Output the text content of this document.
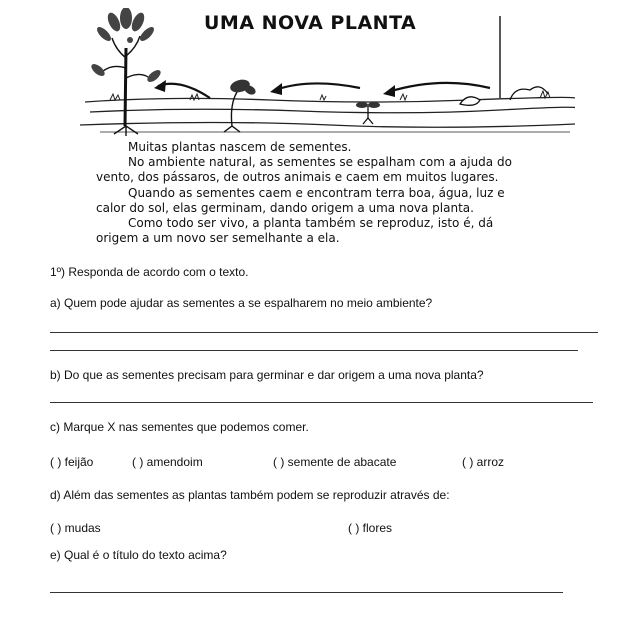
UMA NOVA PLANTA
Muitas plantas nascem de sementes.
No ambiente natural, as sementes se espalham com a ajuda do
vento, dos pássaros, de outros animais e caem em muitos lugares.
Quando as sementes caem e encontram terra boa, água, luz e
calor do sol, elas germinam, dando origem a uma nova planta.
Como todo ser vivo, a planta também se reproduz, isto é, dá
origem a um novo ser semelhante a ela.
1º) Responda de acordo com o texto.
a) Quem pode ajudar as sementes a se espalharem no meio ambiente?
b) Do que as sementes precisam para germinar e dar origem a uma nova planta?
c) Marque X nas sementes que podemos comer.
( ) feijão	( ) amendoim	( ) semente de abacate	( ) arroz
d) Além das sementes as plantas também podem se reproduzir através de:
( ) mudas	( ) flores
e) Qual é o título do texto acima?
